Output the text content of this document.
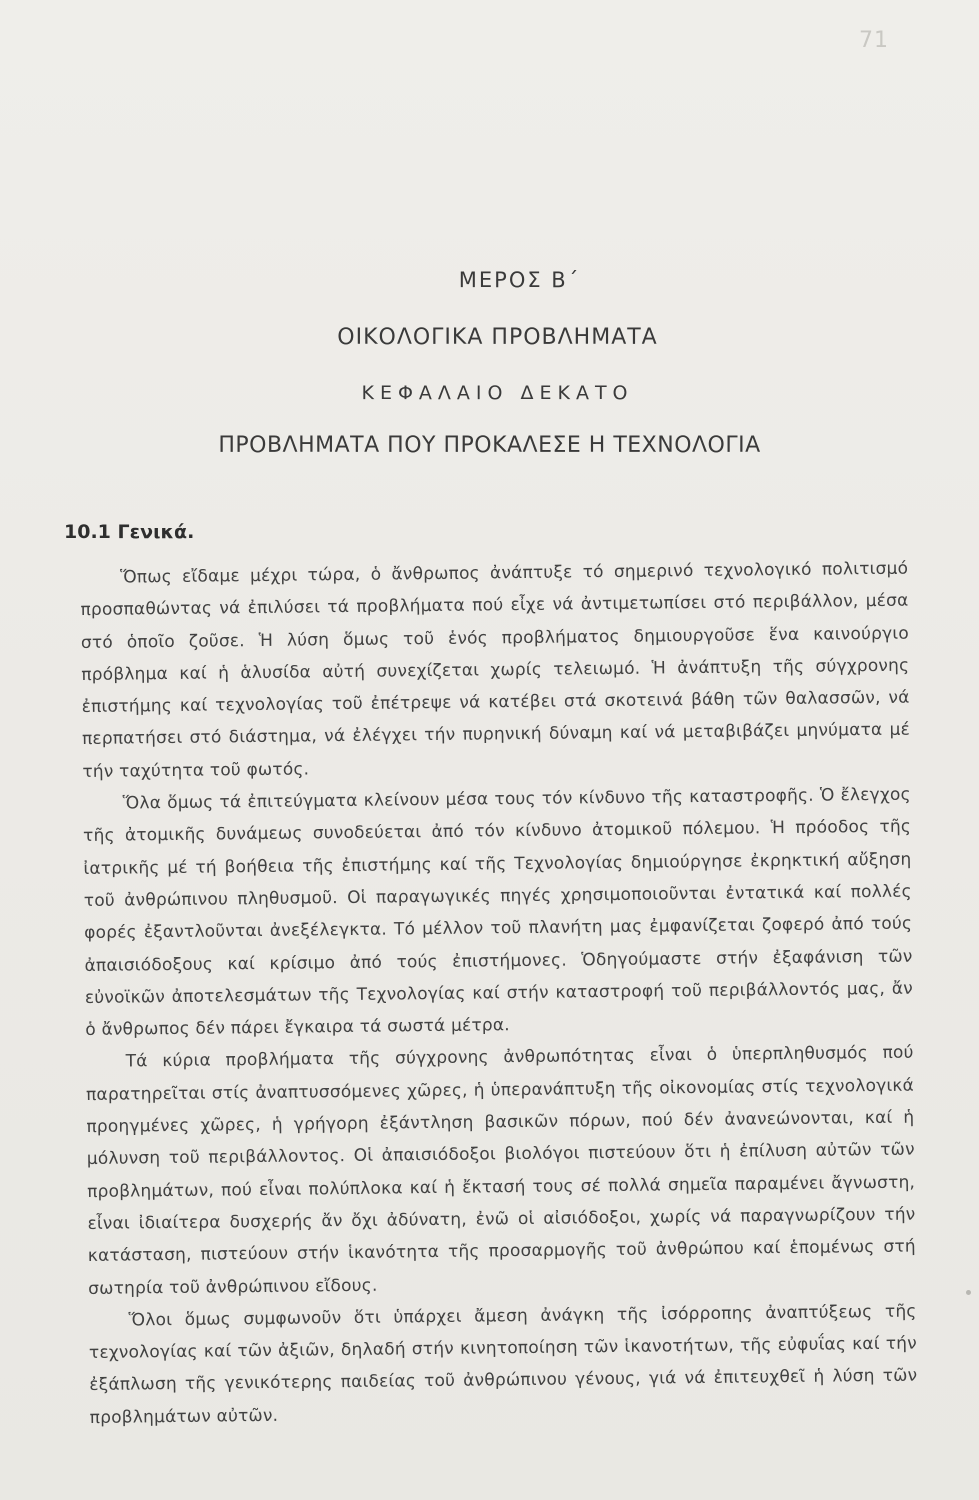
71
ΜΕΡΟΣ Β΄
ΟΙΚΟΛΟΓΙΚΑ ΠΡΟΒΛΗΜΑΤΑ
ΚΕΦΑΛΑΙΟ ΔΕΚΑΤΟ
ΠΡΟΒΛΗΜΑΤΑ ΠΟΥ ΠΡΟΚΑΛΕΣΕ Η ΤΕΧΝΟΛΟΓΙΑ
10.1 Γενικά.

Ὅπως εἴδαμε μέχρι τώρα, ὁ ἄνθρωπος ἀνάπτυξε τό σημερινό τεχνολογικό πολιτισμό προσπαθώντας νά ἐπιλύσει τά προβλήματα πού εἶχε νά ἀντιμετωπίσει στό περιβάλλον, μέσα στό ὁποῖο ζοῦσε. Ἡ λύση ὅμως τοῦ ἑνός προβλήματος δημιουργοῦσε ἕνα καινούργιο πρόβλημα καί ἡ ἁλυσίδα αὐτή συνεχίζεται χωρίς τελειωμό. Ἡ ἀνάπτυξη τῆς σύγχρονης ἐπιστήμης καί τεχνολογίας τοῦ ἐπέτρεψε νά κατέβει στά σκοτεινά βάθη τῶν θαλασσῶν, νά περπατήσει στό διάστημα, νά ἐλέγχει τήν πυρηνική δύναμη καί νά μεταβιβάζει μηνύματα μέ τήν ταχύτητα τοῦ φωτός.

Ὅλα ὅμως τά ἐπιτεύγματα κλείνουν μέσα τους τόν κίνδυνο τῆς καταστροφῆς. Ὁ ἔλεγχος τῆς ἀτομικῆς δυνάμεως συνοδεύεται ἀπό τόν κίνδυνο ἀτομικοῦ πόλεμου. Ἡ πρόοδος τῆς ἰατρικῆς μέ τή βοήθεια τῆς ἐπιστήμης καί τῆς Τεχνολογίας δημιούργησε ἐκρηκτική αὔξηση τοῦ ἀνθρώπινου πληθυσμοῦ. Οἱ παραγωγικές πηγές χρησιμοποιοῦνται ἐντατικά καί πολλές φορές ἐξαντλοῦνται ἀνεξέλεγκτα. Τό μέλλον τοῦ πλανήτη μας ἐμφανίζεται ζοφερό ἀπό τούς ἀπαισιόδοξους καί κρίσιμο ἀπό τούς ἐπιστήμονες. Ὁδηγούμαστε στήν ἐξαφάνιση τῶν εὐνοϊκῶν ἀποτελεσμάτων τῆς Τεχνολογίας καί στήν καταστροφή τοῦ περιβάλλοντός μας, ἄν ὁ ἄνθρωπος δέν πάρει ἔγκαιρα τά σωστά μέτρα.

Τά κύρια προβλήματα τῆς σύγχρονης ἀνθρωπότητας εἶναι ὁ ὑπερπληθυσμός πού παρατηρεῖται στίς ἀναπτυσσόμενες χῶρες, ἡ ὑπερανάπτυξη τῆς οἰκονομίας στίς τεχνολογικά προηγμένες χῶρες, ἡ γρήγορη ἐξάντληση βασικῶν πόρων, πού δέν ἀνανεώνονται, καί ἡ μόλυνση τοῦ περιβάλλοντος. Οἱ ἀπαισιόδοξοι βιολόγοι πιστεύουν ὅτι ἡ ἐπίλυση αὐτῶν τῶν προβλημάτων, πού εἶναι πολύπλοκα καί ἡ ἔκτασή τους σέ πολλά σημεῖα παραμένει ἄγνωστη, εἶναι ἰδιαίτερα δυσχερής ἄν ὄχι ἀδύνατη, ἐνῶ οἱ αἰσιόδοξοι, χωρίς νά παραγνωρίζουν τήν κατάσταση, πιστεύουν στήν ἱκανότητα τῆς προσαρμογῆς τοῦ ἀνθρώπου καί ἑπομένως στή σωτηρία τοῦ ἀνθρώπινου εἴδους.

Ὅλοι ὅμως συμφωνοῦν ὅτι ὑπάρχει ἄμεση ἀνάγκη τῆς ἰσόρροπης ἀναπτύξεως τῆς τεχνολογίας καί τῶν ἀξιῶν, δηλαδή στήν κινητοποίηση τῶν ἱκανοτήτων, τῆς εὐφυΐας καί τήν ἐξάπλωση τῆς γενικότερης παιδείας τοῦ ἀνθρώπινου γένους, γιά νά ἐπιτευχθεῖ ἡ λύση τῶν προβλημάτων αὐτῶν.
